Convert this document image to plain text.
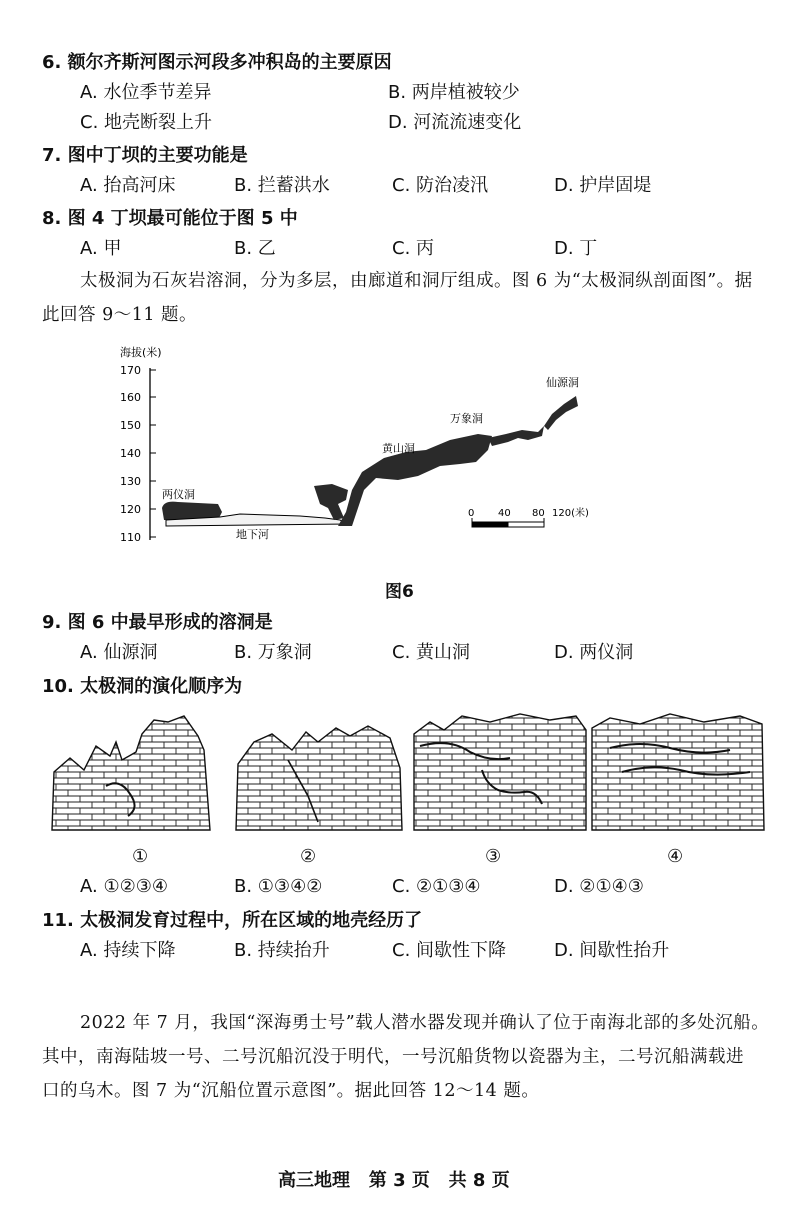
6. 额尔齐斯河图示河段多冲积岛的主要原因
A. 水位季节差异	B. 两岸植被较少
C. 地壳断裂上升	D. 河流流速变化
7. 图中丁坝的主要功能是
A. 抬高河床	B. 拦蓄洪水	C. 防治凌汛	D. 护岸固堤
8. 图 4 丁坝最可能位于图 5 中
A. 甲	B. 乙	C. 丙	D. 丁
太极洞为石灰岩溶洞，分为多层，由廊道和洞厅组成。图 6 为“太极洞纵剖面图”。据
此回答 9～11 题。
海拔(米)
170
160
150
140
130
120
110
两仪洞
地下河
黄山洞
万象洞
仙源洞
0 40 80 120(米)
图6
9. 图 6 中最早形成的溶洞是
A. 仙源洞	B. 万象洞	C. 黄山洞	D. 两仪洞
10. 太极洞的演化顺序为
①	②	③	④
A. ①②③④	B. ①③④②	C. ②①③④	D. ②①④③
11. 太极洞发育过程中，所在区域的地壳经历了
A. 持续下降	B. 持续抬升	C. 间歇性下降	D. 间歇性抬升
2022 年 7 月，我国“深海勇士号”载人潜水器发现并确认了位于南海北部的多处沉船。
其中，南海陆坡一号、二号沉船沉没于明代，一号沉船货物以瓷器为主，二号沉船满载进
口的乌木。图 7 为“沉船位置示意图”。据此回答 12～14 题。
高三地理   第 3 页   共 8 页
